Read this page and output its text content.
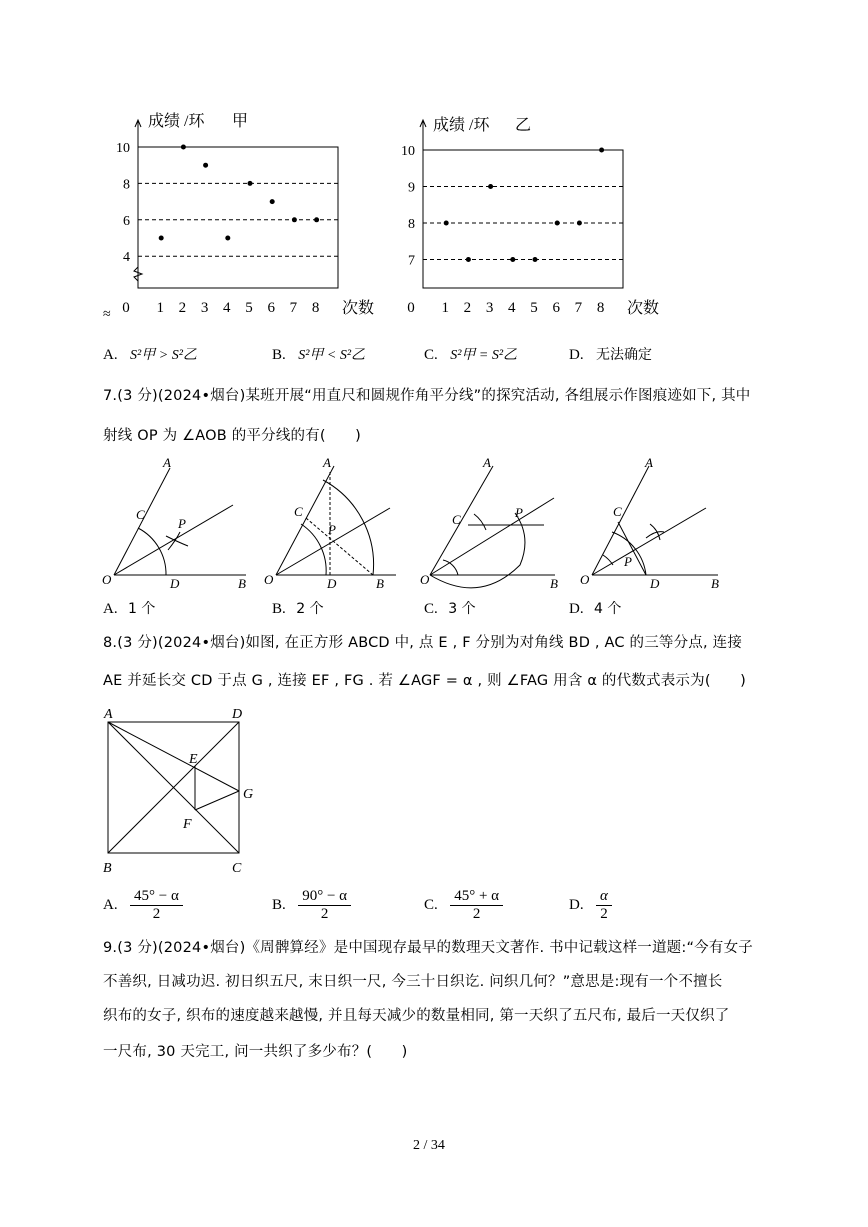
成绩 /环 甲
10
8
6
4
0 1 2 3 4 5 6 7 8 次数
≈
成绩 /环 乙
10
9
8
7
0 1 2 3 4 5 6 7 8 次数
A. S²甲 > S²乙	B. S²甲 < S²乙	C. S²甲 = S²乙	D. 无法确定
7.(3 分)(2024•烟台)某班开展“用直尺和圆规作角平分线”的探究活动, 各组展示作图痕迹如下, 其中
射线 OP 为 ∠AOB 的平分线的有(　　)
O	B
A
C
D
P
O	B
A
C
D
P
O	B
A
C	P
O	B
A
C
D
P
A. 1 个	B. 2 个	C. 3 个	D. 4 个
8.(3 分)(2024•烟台)如图, 在正方形 ABCD 中, 点 E , F 分别为对角线 BD , AC 的三等分点, 连接
AE 并延长交 CD 于点 G , 连接 EF , FG . 若 ∠AGF = α , 则 ∠FAG 用含 α 的代数式表示为(　　)
A	D
B	C
E
F
G
A. $\frac{45^\circ - \alpha}{2}$	B. $\frac{90^\circ - \alpha}{2}$	C. $\frac{45^\circ + \alpha}{2}$	D. $\frac{\alpha}{2}$
9.(3 分)(2024•烟台)《周髀算经》是中国现存最早的数理天文著作. 书中记载这样一道题:“今有女子
不善织, 日减功迟. 初日织五尺, 末日织一尺, 今三十日织讫. 问织几何？”意思是:现有一个不擅长
织布的女子, 织布的速度越来越慢, 并且每天减少的数量相同, 第一天织了五尺布, 最后一天仅织了
一尺布, 30 天完工, 问一共织了多少布？(　　)
2 / 34
